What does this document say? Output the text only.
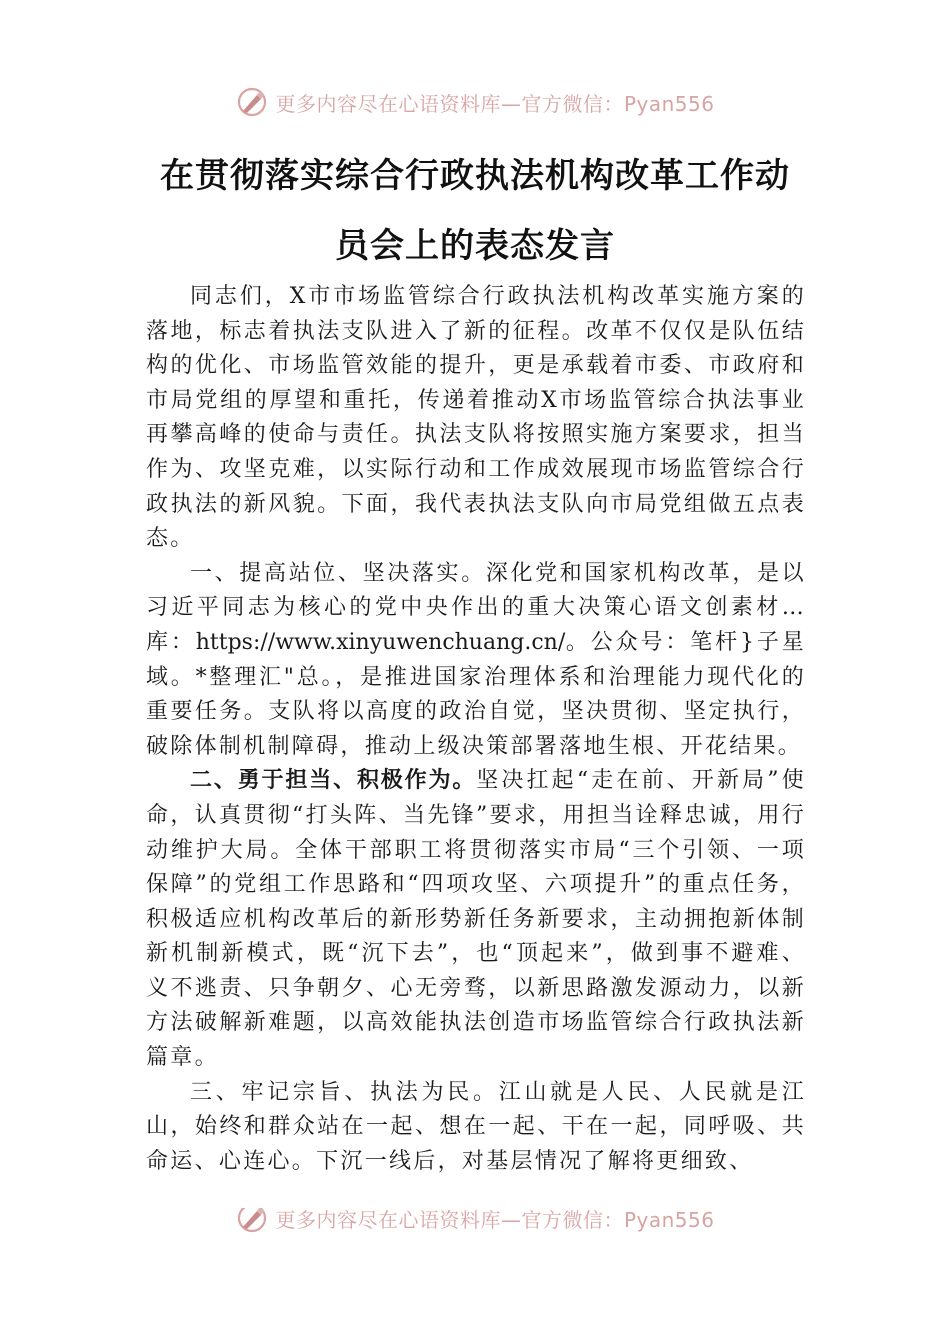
更多内容尽在心语资料库—官方微信：Pyan556
在贯彻落实综合行政执法机构改革工作动
员会上的表态发言

同志们，X市市场监管综合行政执法机构改革实施方案的落地，标志着执法支队进入了新的征程。改革不仅仅是队伍结构的优化、市场监管效能的提升，更是承载着市委、市政府和市局党组的厚望和重托，传递着推动X市场监管综合执法事业再攀高峰的使命与责任。执法支队将按照实施方案要求，担当作为、攻坚克难，以实际行动和工作成效展现市场监管综合行政执法的新风貌。下面，我代表执法支队向市局党组做五点表态。

一、提高站位、坚决落实。深化党和国家机构改革，是以习近平同志为核心的党中央作出的重大决策心语文创素材…库：https://www.xinyuwenchuang.cn/。公众号：笔杆}子星域。*整理汇"总。，是推进国家治理体系和治理能力现代化的重要任务。支队将以高度的政治自觉，坚决贯彻、坚定执行，破除体制机制障碍，推动上级决策部署落地生根、开花结果。

二、勇于担当、积极作为。坚决扛起“走在前、开新局”使命，认真贯彻“打头阵、当先锋”要求，用担当诠释忠诚，用行动维护大局。全体干部职工将贯彻落实市局“三个引领、一项保障”的党组工作思路和“四项攻坚、六项提升”的重点任务，积极适应机构改革后的新形势新任务新要求，主动拥抱新体制新机制新模式，既“沉下去”，也“顶起来”，做到事不避难、义不逃责、只争朝夕、心无旁骛，以新思路激发源动力，以新方法破解新难题，以高效能执法创造市场监管综合行政执法新篇章。

三、牢记宗旨、执法为民。江山就是人民、人民就是江山，始终和群众站在一起、想在一起、干在一起，同呼吸、共命运、心连心。下沉一线后，对基层情况了解将更细致、

更多内容尽在心语资料库—官方微信：Pyan556
